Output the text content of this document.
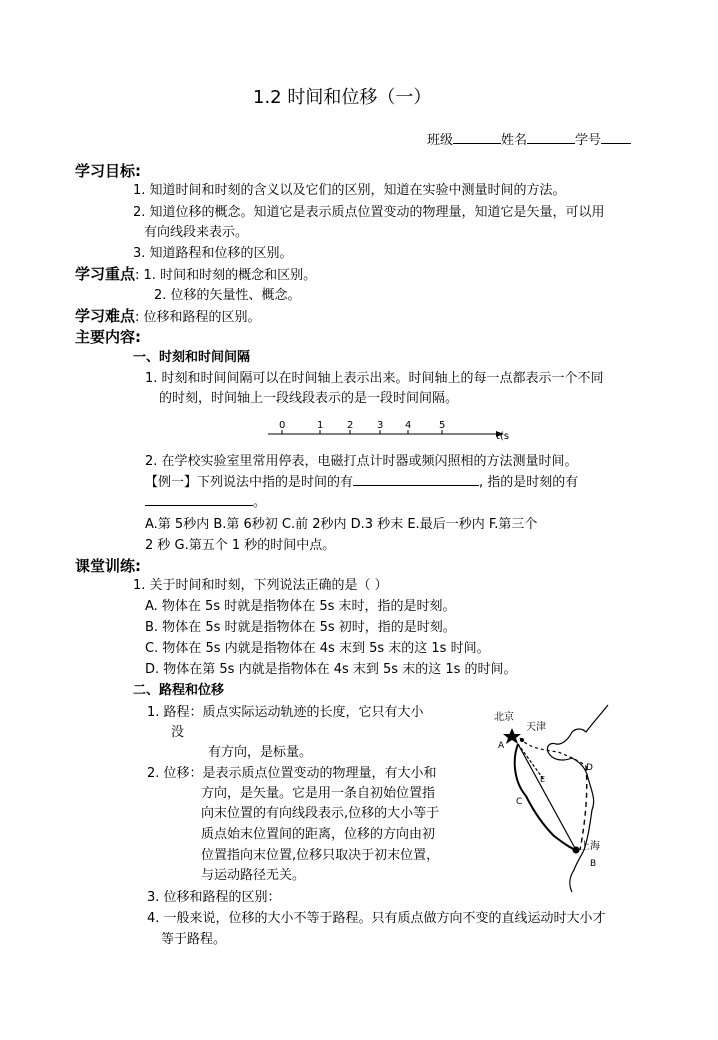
1.2 时间和位移（一）
班级	姓名	学号
学习目标:
1. 知道时间和时刻的含义以及它们的区别，知道在实验中测量时间的方法。
2. 知道位移的概念。知道它是表示质点位置变动的物理量，知道它是矢量，可以用
有向线段来表示。
3. 知道路程和位移的区别。
学习重点: 1. 时间和时刻的概念和区别。
2. 位移的矢量性、概念。
学习难点: 位移和路程的区别。
主要内容:
一、时刻和时间间隔
1. 时刻和时间间隔可以在时间轴上表示出来。时间轴上的每一点都表示一个不同
的时刻，时间轴上一段线段表示的是一段时间间隔。
0	1 2 3 4	5
t(s
2. 在学校实验室里常用停表，电磁打点计时器或频闪照相的方法测量时间。
【例一】下列说法中指的是时间的有	, 指的是时刻的有
。
A.第 5秒内 B.第 6秒初 C.前 2秒内 D.3 秒末 E.最后一秒内 F.第三个
2 秒 G.第五个 1 秒的时间中点。
课堂训练:
1. 关于时间和时刻，下列说法正确的是（ ）
A. 物体在 5s 时就是指物体在 5s 末时，指的是时刻。
B. 物体在 5s 时就是指物体在 5s 初时，指的是时刻。
C. 物体在 5s 内就是指物体在 4s 末到 5s 末的这 1s 时间。
D. 物体在第 5s 内就是指物体在 4s 末到 5s 末的这 1s 的时间。
二、路程和位移
1. 路程：质点实际运动轨迹的长度，它只有大小
没
有方向，是标量。
2. 位移：是表示质点位置变动的物理量，有大小和
方向，是矢量。它是用一条自初始位置指
向末位置的有向线段表示,位移的大小等于
质点始末位置间的距离，位移的方向由初
位置指向末位置,位移只取决于初末位置，
与运动路径无关。
3. 位移和路程的区别：
4. 一般来说，位移的大小不等于路程。只有质点做方向不变的直线运动时大小才
等于路程。
北京
天津
A
D
E
C
上海
B
